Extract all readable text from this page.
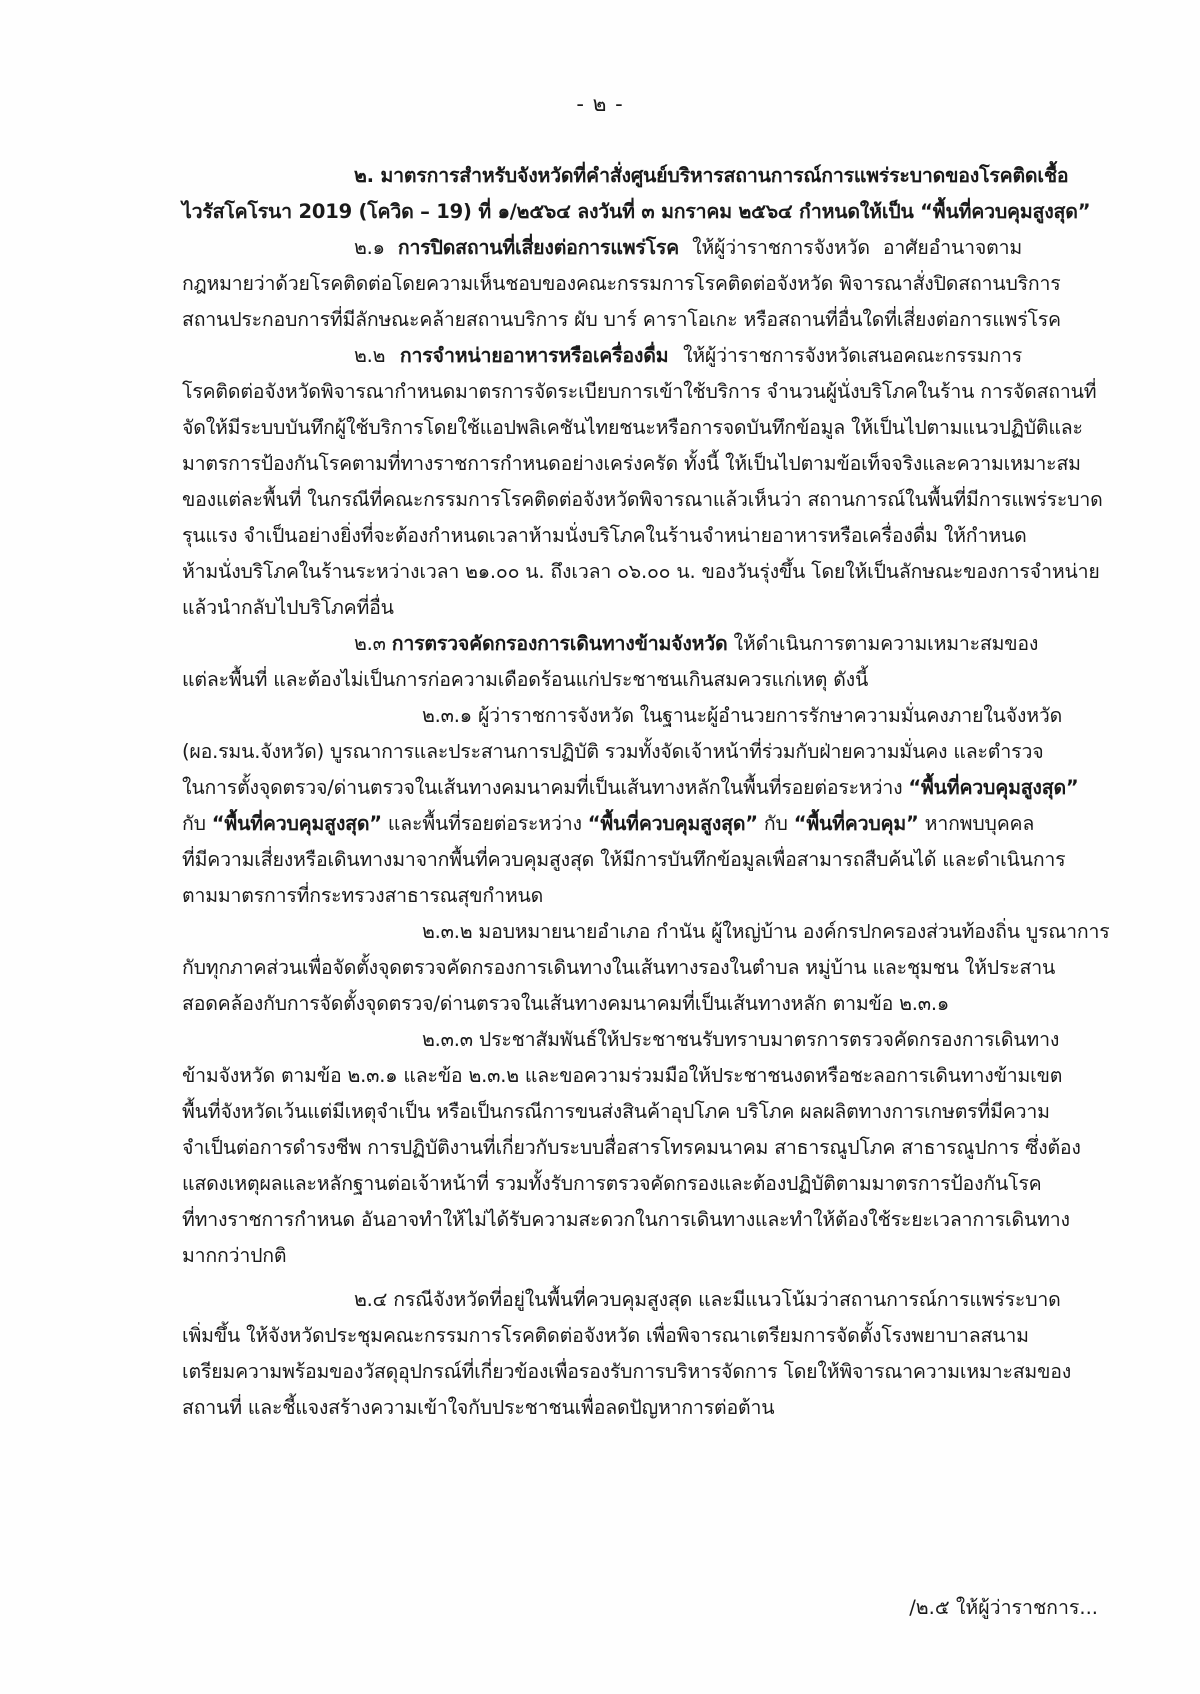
- ๒ -
๒. มาตรการสำหรับจังหวัดที่คำสั่งศูนย์บริหารสถานการณ์การแพร่ระบาดของโรคติดเชื้อ
ไวรัสโคโรนา 2019 (โควิด – 19) ที่ ๑/๒๕๖๔ ลงวันที่ ๓ มกราคม ๒๕๖๔ กำหนดให้เป็น “พื้นที่ควบคุมสูงสุด”
๒.๑ การปิดสถานที่เสี่ยงต่อการแพร่โรค ให้ผู้ว่าราชการจังหวัด อาศัยอำนาจตาม
กฎหมายว่าด้วยโรคติดต่อโดยความเห็นชอบของคณะกรรมการโรคติดต่อจังหวัด พิจารณาสั่งปิดสถานบริการ
สถานประกอบการที่มีลักษณะคล้ายสถานบริการ ผับ บาร์ คาราโอเกะ หรือสถานที่อื่นใดที่เสี่ยงต่อการแพร่โรค
๒.๒ การจำหน่ายอาหารหรือเครื่องดื่ม ให้ผู้ว่าราชการจังหวัดเสนอคณะกรรมการ
โรคติดต่อจังหวัดพิจารณากำหนดมาตรการจัดระเบียบการเข้าใช้บริการ จำนวนผู้นั่งบริโภคในร้าน การจัดสถานที่
จัดให้มีระบบบันทึกผู้ใช้บริการโดยใช้แอปพลิเคชันไทยชนะหรือการจดบันทึกข้อมูล ให้เป็นไปตามแนวปฏิบัติและ
มาตรการป้องกันโรคตามที่ทางราชการกำหนดอย่างเคร่งครัด ทั้งนี้ ให้เป็นไปตามข้อเท็จจริงและความเหมาะสม
ของแต่ละพื้นที่ ในกรณีที่คณะกรรมการโรคติดต่อจังหวัดพิจารณาแล้วเห็นว่า สถานการณ์ในพื้นที่มีการแพร่ระบาด
รุนแรง จำเป็นอย่างยิ่งที่จะต้องกำหนดเวลาห้ามนั่งบริโภคในร้านจำหน่ายอาหารหรือเครื่องดื่ม ให้กำหนด
ห้ามนั่งบริโภคในร้านระหว่างเวลา ๒๑.๐๐ น. ถึงเวลา ๐๖.๐๐ น. ของวันรุ่งขึ้น โดยให้เป็นลักษณะของการจำหน่าย
แล้วนำกลับไปบริโภคที่อื่น
๒.๓ การตรวจคัดกรองการเดินทางข้ามจังหวัด ให้ดำเนินการตามความเหมาะสมของ
แต่ละพื้นที่ และต้องไม่เป็นการก่อความเดือดร้อนแก่ประชาชนเกินสมควรแก่เหตุ ดังนี้
๒.๓.๑ ผู้ว่าราชการจังหวัด ในฐานะผู้อำนวยการรักษาความมั่นคงภายในจังหวัด
(ผอ.รมน.จังหวัด) บูรณาการและประสานการปฏิบัติ รวมทั้งจัดเจ้าหน้าที่ร่วมกับฝ่ายความมั่นคง และตำรวจ
ในการตั้งจุดตรวจ/ด่านตรวจในเส้นทางคมนาคมที่เป็นเส้นทางหลักในพื้นที่รอยต่อระหว่าง “พื้นที่ควบคุมสูงสุด”
กับ “พื้นที่ควบคุมสูงสุด” และพื้นที่รอยต่อระหว่าง “พื้นที่ควบคุมสูงสุด” กับ “พื้นที่ควบคุม” หากพบบุคคล
ที่มีความเสี่ยงหรือเดินทางมาจากพื้นที่ควบคุมสูงสุด ให้มีการบันทึกข้อมูลเพื่อสามารถสืบค้นได้ และดำเนินการ
ตามมาตรการที่กระทรวงสาธารณสุขกำหนด
๒.๓.๒ มอบหมายนายอำเภอ กำนัน ผู้ใหญ่บ้าน องค์กรปกครองส่วนท้องถิ่น บูรณาการ
กับทุกภาคส่วนเพื่อจัดตั้งจุดตรวจคัดกรองการเดินทางในเส้นทางรองในตำบล หมู่บ้าน และชุมชน ให้ประสาน
สอดคล้องกับการจัดตั้งจุดตรวจ/ด่านตรวจในเส้นทางคมนาคมที่เป็นเส้นทางหลัก ตามข้อ ๒.๓.๑
๒.๓.๓ ประชาสัมพันธ์ให้ประชาชนรับทราบมาตรการตรวจคัดกรองการเดินทาง
ข้ามจังหวัด ตามข้อ ๒.๓.๑ และข้อ ๒.๓.๒ และขอความร่วมมือให้ประชาชนงดหรือชะลอการเดินทางข้ามเขต
พื้นที่จังหวัดเว้นแต่มีเหตุจำเป็น หรือเป็นกรณีการขนส่งสินค้าอุปโภค บริโภค ผลผลิตทางการเกษตรที่มีความ
จำเป็นต่อการดำรงชีพ การปฏิบัติงานที่เกี่ยวกับระบบสื่อสารโทรคมนาคม สาธารณูปโภค สาธารณูปการ ซึ่งต้อง
แสดงเหตุผลและหลักฐานต่อเจ้าหน้าที่ รวมทั้งรับการตรวจคัดกรองและต้องปฏิบัติตามมาตรการป้องกันโรค
ที่ทางราชการกำหนด อันอาจทำให้ไม่ได้รับความสะดวกในการเดินทางและทำให้ต้องใช้ระยะเวลาการเดินทาง
มากกว่าปกติ
๒.๔ กรณีจังหวัดที่อยู่ในพื้นที่ควบคุมสูงสุด และมีแนวโน้มว่าสถานการณ์การแพร่ระบาด
เพิ่มขึ้น ให้จังหวัดประชุมคณะกรรมการโรคติดต่อจังหวัด เพื่อพิจารณาเตรียมการจัดตั้งโรงพยาบาลสนาม
เตรียมความพร้อมของวัสดุอุปกรณ์ที่เกี่ยวข้องเพื่อรองรับการบริหารจัดการ โดยให้พิจารณาความเหมาะสมของ
สถานที่ และชี้แจงสร้างความเข้าใจกับประชาชนเพื่อลดปัญหาการต่อต้าน
/๒.๕ ให้ผู้ว่าราชการ...
